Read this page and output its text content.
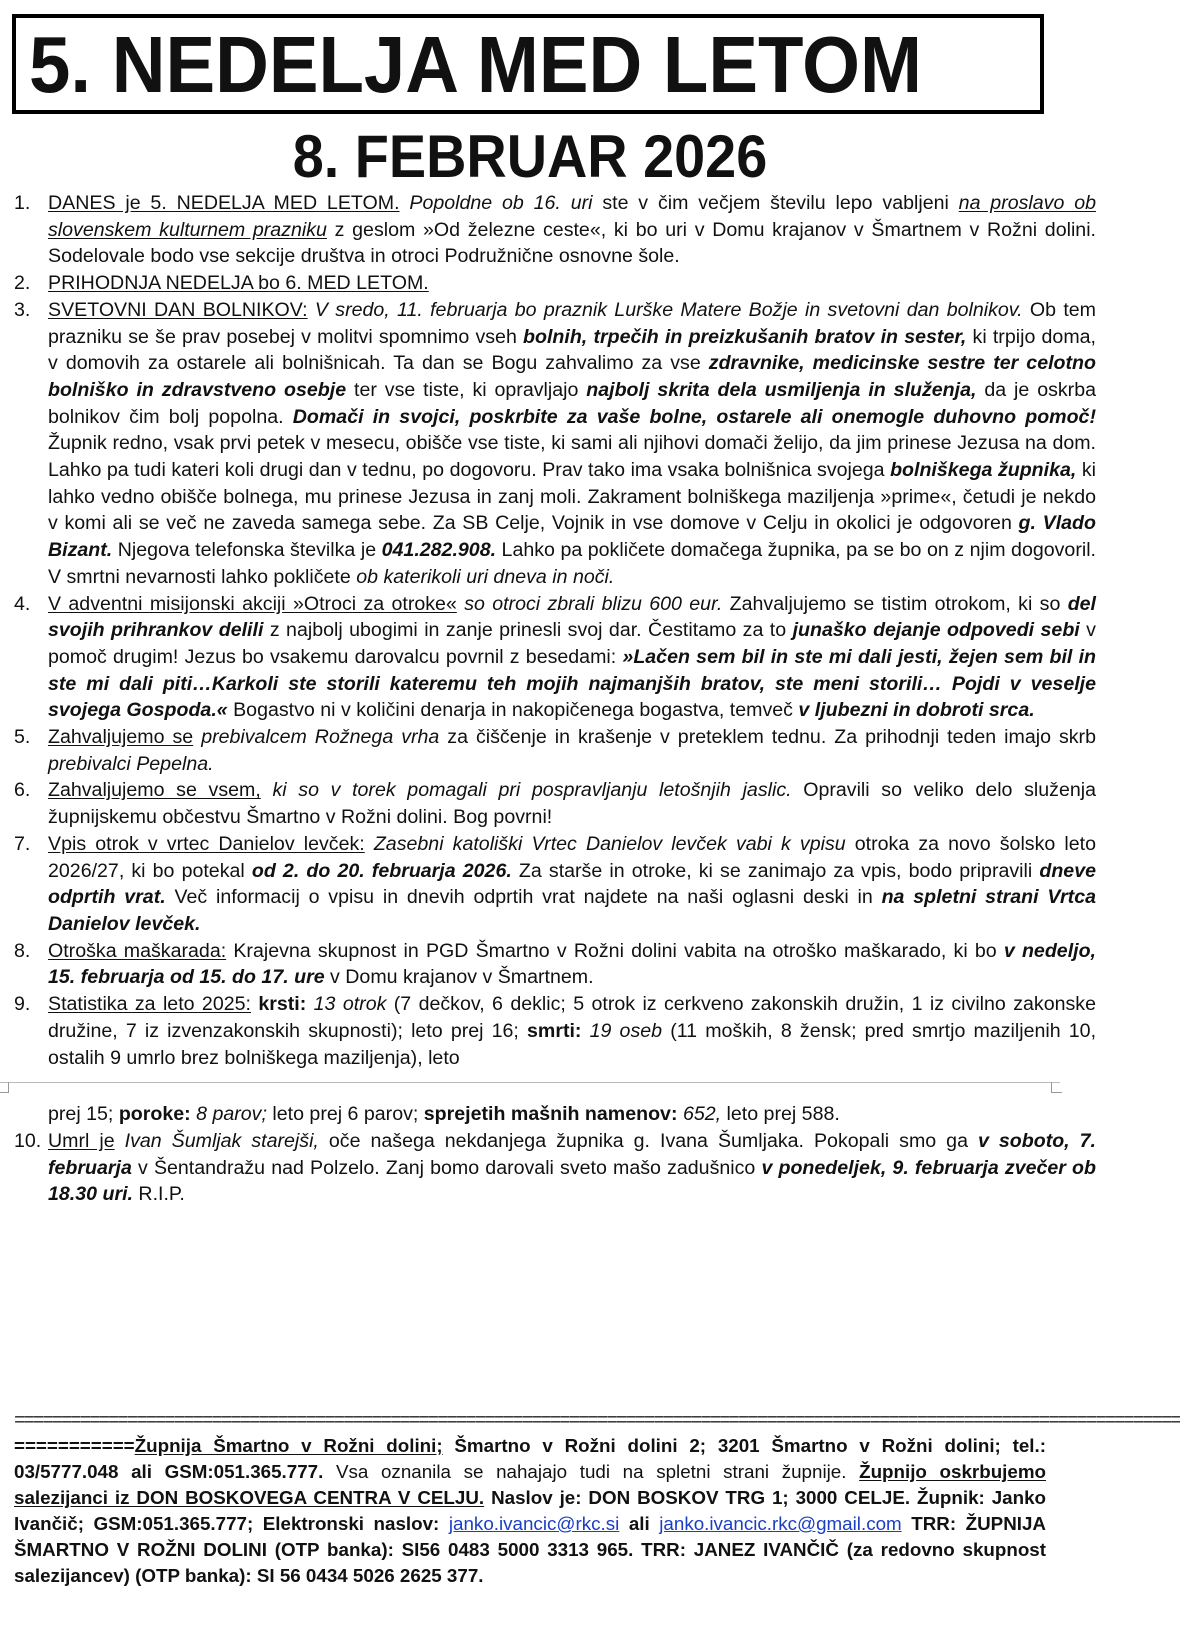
5. NEDELJA MED LETOM
8. FEBRUAR 2026
1. DANES je 5. NEDELJA MED LETOM. Popoldne ob 16. uri ste v čim večjem številu lepo vabljeni na proslavo ob slovenskem kulturnem prazniku z geslom »Od železne ceste«, ki bo uri v Domu krajanov v Šmartnem v Rožni dolini. Sodelovale bodo vse sekcije društva in otroci Podružnične osnovne šole.
2. PRIHODNJA NEDELJA bo 6. MED LETOM.
3. SVETOVNI DAN BOLNIKOV: V sredo, 11. februarja bo praznik Lurške Matere Božje in svetovni dan bolnikov. Ob tem prazniku se še prav posebej v molitvi spomnimo vseh bolnih, trpečih in preizkušanih bratov in sester, ki trpijo doma, v domovih za ostarele ali bolnišnicah. Ta dan se Bogu zahvalimo za vse zdravnike, medicinske sestre ter celotno bolniško in zdravstveno osebje ter vse tiste, ki opravljajo najbolj skrita dela usmiljenja in služenja, da je oskrba bolnikov čim bolj popolna. Domači in svojci, poskrbite za vaše bolne, ostarele ali onemogle duhovno pomoč! Župnik redno, vsak prvi petek v mesecu, obišče vse tiste, ki sami ali njihovi domači želijo, da jim prinese Jezusa na dom. Lahko pa tudi kateri koli drugi dan v tednu, po dogovoru. Prav tako ima vsaka bolnišnica svojega bolniškega župnika, ki lahko vedno obišče bolnega, mu prinese Jezusa in zanj moli. Zakrament bolniškega maziljenja »prime«, četudi je nekdo v komi ali se več ne zaveda samega sebe. Za SB Celje, Vojnik in vse domove v Celju in okolici je odgovoren g. Vlado Bizant. Njegova telefonska številka je 041.282.908. Lahko pa pokličete domačega župnika, pa se bo on z njim dogovoril. V smrtni nevarnosti lahko pokličete ob katerikoli uri dneva in noči.
4. V adventni misijonski akciji »Otroci za otroke« so otroci zbrali blizu 600 eur. Zahvaljujemo se tistim otrokom, ki so del svojih prihrankov delili z najbolj ubogimi in zanje prinesli svoj dar. Čestitamo za to junaško dejanje odpovedi sebi v pomoč drugim! Jezus bo vsakemu darovalcu povrnil z besedami: »Lačen sem bil in ste mi dali jesti, žejen sem bil in ste mi dali piti…Karkoli ste storili kateremu teh mojih najmanjših bratov, ste meni storili… Pojdi v veselje svojega Gospoda.« Bogastvo ni v količini denarja in nakopičenega bogastva, temveč v ljubezni in dobroti srca.
5. Zahvaljujemo se prebivalcem Rožnega vrha za čiščenje in krašenje v preteklem tednu. Za prihodnji teden imajo skrb prebivalci Pepelna.
6. Zahvaljujemo se vsem, ki so v torek pomagali pri pospravljanju letošnjih jaslic. Opravili so veliko delo služenja župnijskemu občestvu Šmartno v Rožni dolini. Bog povrni!
7. Vpis otrok v vrtec Danielov levček: Zasebni katoliški Vrtec Danielov levček vabi k vpisu otroka za novo šolsko leto 2026/27, ki bo potekal od 2. do 20. februarja 2026. Za starše in otroke, ki se zanimajo za vpis, bodo pripravili dneve odprtih vrat. Več informacij o vpisu in dnevih odprtih vrat najdete na naši oglasni deski in na spletni strani Vrtca Danielov levček.
8. Otroška maškarada: Krajevna skupnost in PGD Šmartno v Rožni dolini vabita na otroško maškarado, ki bo v nedeljo, 15. februarja od 15. do 17. ure v Domu krajanov v Šmartnem.
9. Statistika za leto 2025: krsti: 13 otrok (7 dečkov, 6 deklic; 5 otrok iz cerkveno zakonskih družin, 1 iz civilno zakonske družine, 7 iz izvenzakonskih skupnosti); leto prej 16; smrti: 19 oseb (11 moških, 8 žensk; pred smrtjo maziljenih 10, ostalih 9 umrlo brez bolniškega maziljenja), leto
prej 15; poroke: 8 parov; leto prej 6 parov; sprejetih mašnih namenov: 652, leto prej 588.
10. Umrl je Ivan Šumljak starejši, oče našega nekdanjega župnika g. Ivana Šumljaka. Pokopali smo ga v soboto, 7. februarja v Šentandražu nad Polzelo. Zanj bomo darovali sveto mašo zadušnico v ponedeljek, 9. februarja zvečer ob 18.30 uri. R.I.P.
============================================================================================================================

===========Župnija Šmartno v Rožni dolini; Šmartno v Rožni dolini 2; 3201 Šmartno v Rožni dolini; tel.: 03/5777.048 ali GSM:051.365.777. Vsa oznanila se nahajajo tudi na spletni strani župnije. Župnijo oskrbujemo salezijanci iz DON BOSKOVEGA CENTRA V CELJU. Naslov je: DON BOSKOV TRG 1; 3000 CELJE. Župnik: Janko Ivančič; GSM:051.365.777; Elektronski naslov: janko.ivancic@rkc.si ali janko.ivancic.rkc@gmail.com TRR: ŽUPNIJA ŠMARTNO V ROŽNI DOLINI (OTP banka): SI56 0483 5000 3313 965. TRR: JANEZ IVANČIČ (za redovno skupnost salezijancev) (OTP banka): SI 56 0434 5026 2625 377.
